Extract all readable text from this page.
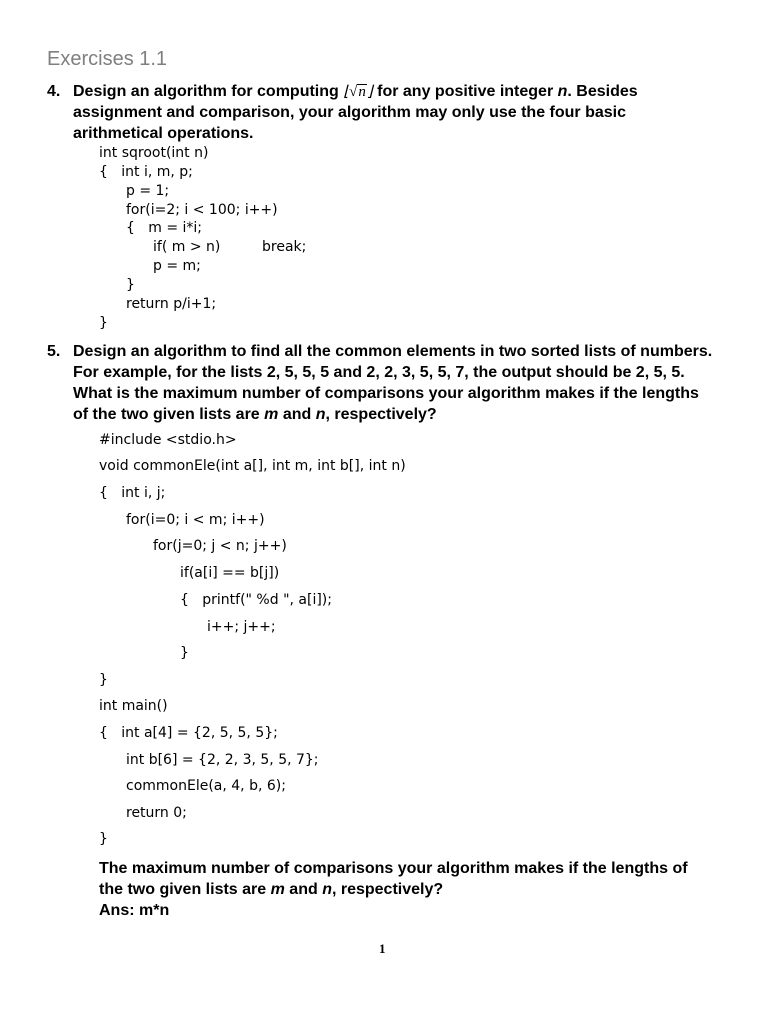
Exercises 1.1
4. Design an algorithm for computing ⌊√n⌋ for any positive integer n. Besides
assignment and comparison, your algorithm may only use the four basic
arithmetical operations.
int sqroot(int n)
{   int i, m, p;
p = 1;
for(i=2; i < 100; i++)
{   m = i*i;
if( m > n)	break;
p = m;
}
return p/i+1;
}
5. Design an algorithm to find all the common elements in two sorted lists of numbers.
For example, for the lists 2, 5, 5, 5 and 2, 2, 3, 5, 5, 7, the output should be 2, 5, 5.
What is the maximum number of comparisons your algorithm makes if the lengths
of the two given lists are m and n, respectively?
#include <stdio.h>
void commonEle(int a[], int m, int b[], int n)
{   int i, j;
for(i=0; i < m; i++)
for(j=0; j < n; j++)
if(a[i] == b[j])
{   printf(" %d ", a[i]);
i++; j++;
}
}
int main()
{   int a[4] = {2, 5, 5, 5};
int b[6] = {2, 2, 3, 5, 5, 7};
commonEle(a, 4, b, 6);
return 0;
}
The maximum number of comparisons your algorithm makes if the lengths of
the two given lists are m and n, respectively?
Ans: m*n
1
